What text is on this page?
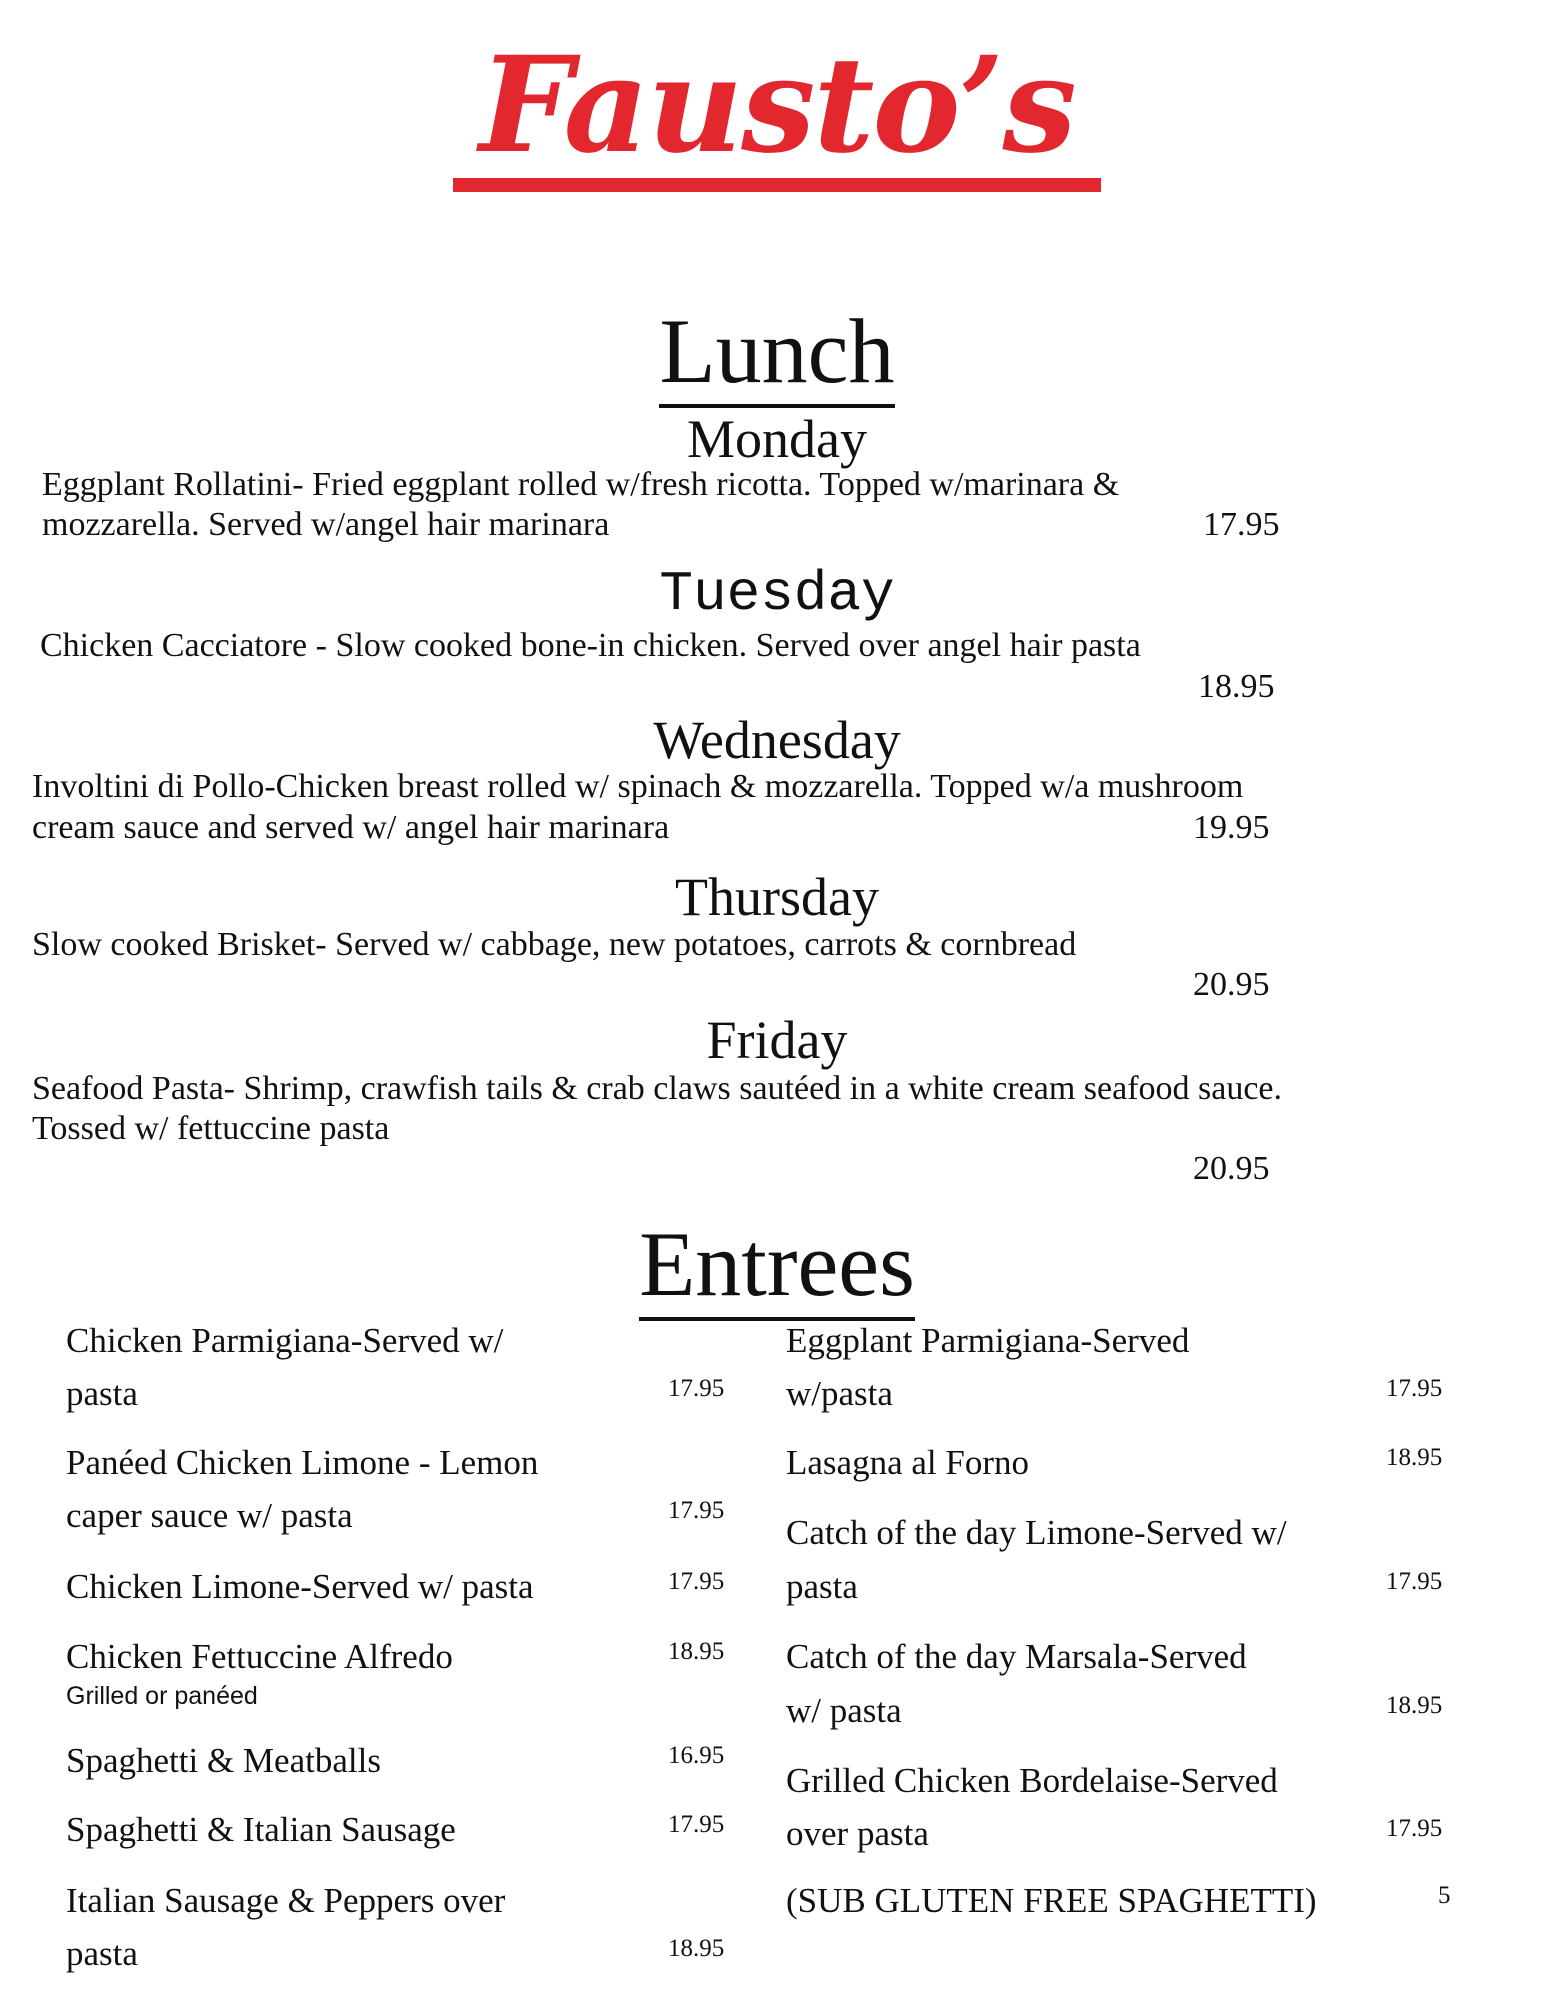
Fausto’s
Lunch
Monday
Eggplant Rollatini- Fried eggplant rolled w/fresh ricotta. Topped w/marinara &
mozzarella. Served w/angel hair marinara	17.95
Tuesday
Chicken Cacciatore - Slow cooked bone-in chicken. Served over angel hair pasta
18.95
Wednesday
Involtini di Pollo-Chicken breast rolled w/ spinach & mozzarella. Topped w/a mushroom
cream sauce and served w/ angel hair marinara	19.95
Thursday
Slow cooked Brisket- Served w/ cabbage, new potatoes, carrots & cornbread
20.95
Friday
Seafood Pasta- Shrimp, crawfish tails & crab claws sautéed in a white cream seafood sauce.
Tossed w/ fettuccine pasta
20.95
Entrees
Chicken Parmigiana-Served w/
pasta	17.95
Panéed Chicken Limone - Lemon
caper sauce w/ pasta	17.95
Chicken Limone-Served w/ pasta	17.95
Chicken Fettuccine Alfredo
Grilled or panéed
18.95
Spaghetti & Meatballs	16.95
Spaghetti & Italian Sausage	17.95
Italian Sausage & Peppers over
pasta	18.95
Eggplant Parmigiana-Served
w/pasta	17.95
Lasagna al Forno	18.95
Catch of the day Limone-Served w/
pasta	17.95
Catch of the day Marsala-Served
w/ pasta	18.95
Grilled Chicken Bordelaise-Served
over pasta	17.95
(SUB GLUTEN FREE SPAGHETTI)	5
